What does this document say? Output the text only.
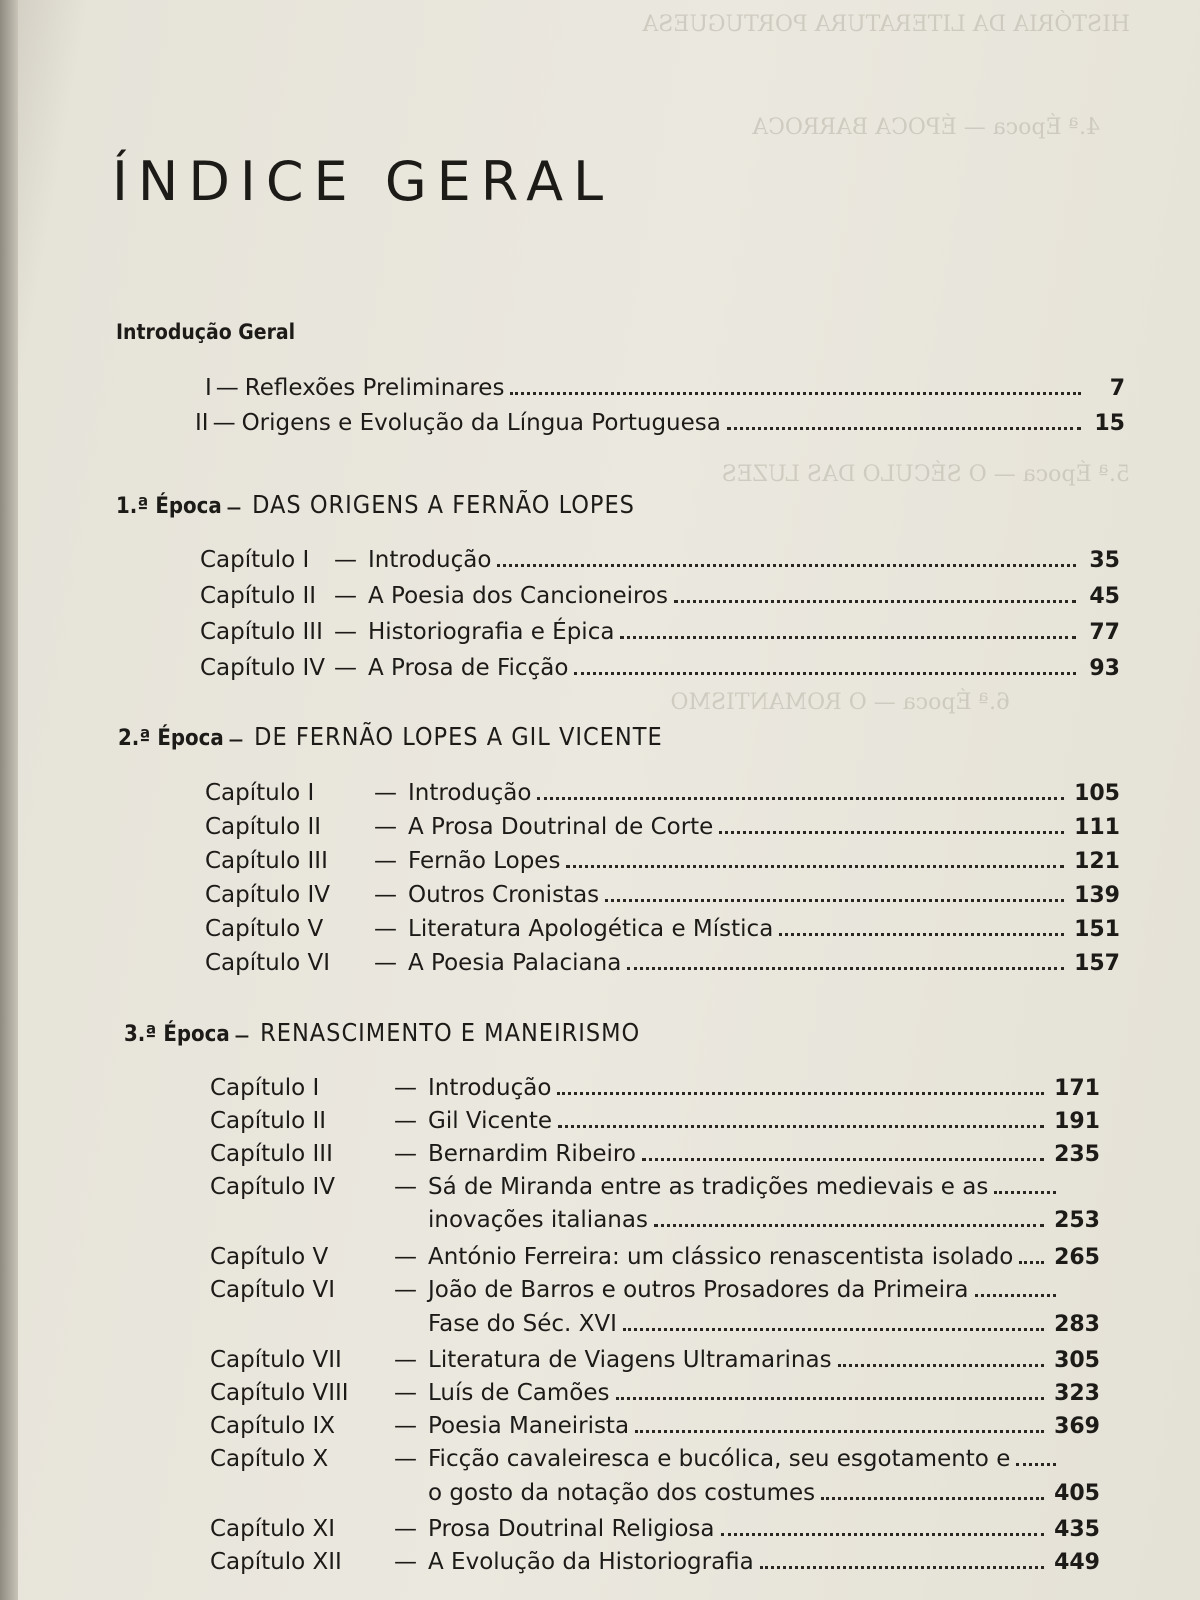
HISTÓRIA DA LITERATURA PORTUGUESA
4.ª Época — ÉPOCA BARROCA
5.ª Época — O SÉCULO DAS LUZES
6.ª Época — O ROMANTISMO
ÍNDICE GERAL
Introdução Geral
I — Reflexões Preliminares	7
II — Origens e Evolução da Língua Portuguesa	15
1.ª Época — DAS ORIGENS A FERNÃO LOPES
Capítulo I	— Introdução	35
Capítulo II — A Poesia dos Cancioneiros	45
Capítulo III — Historiografia e Épica	77
Capítulo IV — A Prosa de Ficção	93
2.ª Época — DE FERNÃO LOPES A GIL VICENTE
Capítulo I	— Introdução	105
Capítulo II	— A Prosa Doutrinal de Corte	111
Capítulo III	— Fernão Lopes	121
Capítulo IV	— Outros Cronistas	139
Capítulo V	— Literatura Apologética e Mística	151
Capítulo VI	— A Poesia Palaciana	157
3.ª Época — RENASCIMENTO E MANEIRISMO
Capítulo I	— Introdução	171
Capítulo II	— Gil Vicente	191
Capítulo III	— Bernardim Ribeiro	235
Capítulo IV	— Sá de Miranda entre as tradições medievais e as
inovações italianas	253
Capítulo V	— António Ferreira: um clássico renascentista isolado 265
Capítulo VI	— João de Barros e outros Prosadores da Primeira
Fase do Séc. XVI	283
Capítulo VII	— Literatura de Viagens Ultramarinas	305
Capítulo VIII	— Luís de Camões	323
Capítulo IX	— Poesia Maneirista	369
Capítulo X	— Ficção cavaleiresca e bucólica, seu esgotamento e
o gosto da notação dos costumes	405
Capítulo XI	— Prosa Doutrinal Religiosa	435
Capítulo XII	— A Evolução da Historiografia	449
